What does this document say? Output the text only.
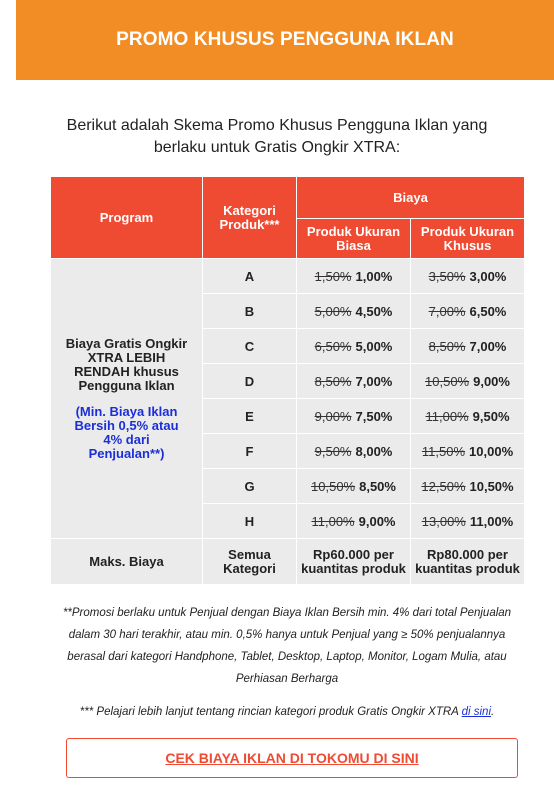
PROMO KHUSUS PENGGUNA IKLAN

Berikut adalah Skema Promo Khusus Pengguna Iklan yang berlaku untuk Gratis Ongkir XTRA:

Program	Kategori Produk***	Biaya	
		Produk Ukuran Biasa	Produk Ukuran Khusus

Biaya Gratis Ongkir XTRA LEBIH RENDAH khusus Pengguna Iklan
(Min. Biaya Iklan Bersih 0,5% atau 4% dari Penjualan**)	A	1,50% 1,00%	3,50% 3,00%
	B	5,00% 4,50%	7,00% 6,50%
	C	6,50% 5,00%	8,50% 7,00%
	D	8,50% 7,00%	10,50% 9,00%
	E	9,00% 7,50%	11,00% 9,50%
	F	9,50% 8,00%	11,50% 10,00%
	G	10,50% 8,50%	12,50% 10,50%
	H	11,00% 9,00%	13,00% 11,00%
Maks. Biaya	Semua Kategori	Rp60.000 per kuantitas produk	Rp80.000 per kuantitas produk

**Promosi berlaku untuk Penjual dengan Biaya Iklan Bersih min. 4% dari total Penjualan dalam 30 hari terakhir, atau min. 0,5% hanya untuk Penjual yang ≥ 50% penjualannya berasal dari kategori Handphone, Tablet, Desktop, Laptop, Monitor, Logam Mulia, atau Perhiasan Berharga

*** Pelajari lebih lanjut tentang rincian kategori produk Gratis Ongkir XTRA di sini.

CEK BIAYA IKLAN DI TOKOMU DI SINI
